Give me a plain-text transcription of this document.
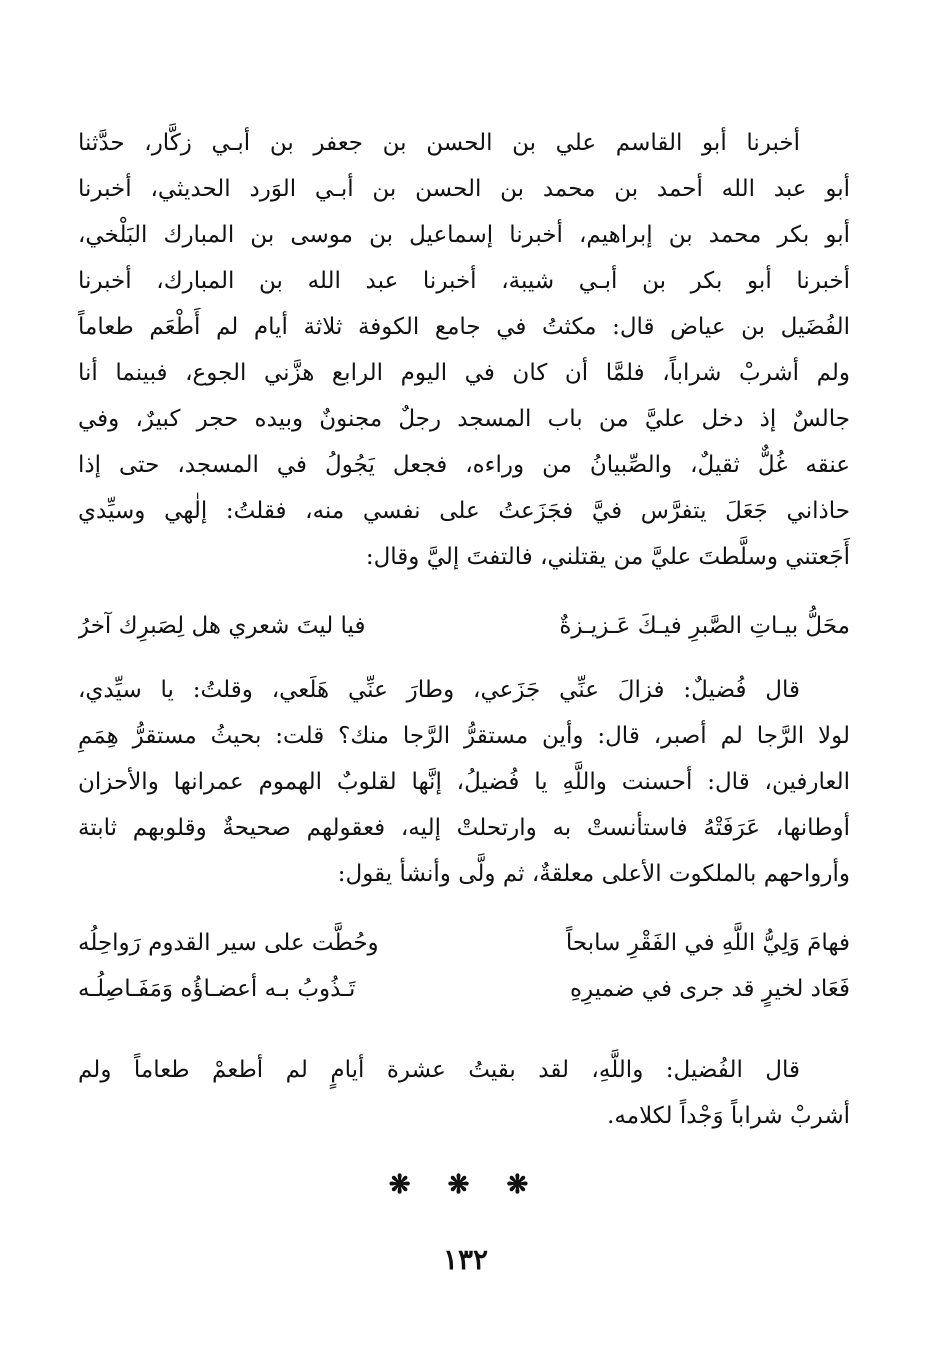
أخبرنا أبو القاسم علي بن الحسن بن جعفر بن أبـي زكَّار، حدَّثنا
أبو عبد الله أحمد بن محمد بن الحسن بن أبـي الوَرد الحديثي، أخبرنا
أبو بكر محمد بن إبراهيم، أخبرنا إسماعيل بن موسى بن المبارك البَلْخي،
أخبرنا أبو بكر بن أبـي شيبة، أخبرنا عبد الله بن المبارك، أخبرنا
الفُضَيل بن عياض قال: مكثتُ في جامع الكوفة ثلاثة أيام لم أَطْعَم طعاماً
ولم أشربْ شراباً، فلمَّا أن كان في اليوم الرابع هزَّني الجوع، فبينما أنا
جالسٌ إذ دخل عليَّ من باب المسجد رجلٌ مجنونٌ وبيده حجر كبيرٌ، وفي
عنقه غُلٌّ ثقيلٌ، والصِّبيانُ من وراءه، فجعل يَجُولُ في المسجد، حتى إذا
حاذاني جَعَلَ يتفرَّس فيَّ فجَزَعتُ على نفسي منه، فقلتُ: إلٰهي وسيِّدي
أَجَعتني وسلَّطتَ عليَّ من يقتلني، فالتفتَ إليَّ وقال:
محَلُّ بيـاتِ الصَّبرِ فيـكَ عَـزيـزةٌ
فيا ليتَ شعري هل لِصَبرِك آخرُ
قال فُضيلٌ: فزالَ عنِّي جَزَعي، وطارَ عنِّي هَلَعي، وقلتُ: يا سيِّدي،
لولا الرَّجا لم أصبر، قال: وأين مستقرُّ الرَّجا منك؟ قلت: بحيثُ مستقرُّ هِمَمِ
العارفين، قال: أحسنت واللَّهِ يا فُضيلُ، إنَّها لقلوبٌ الهموم عمرانها والأحزان
أوطانها، عَرَفَتْهُ فاستأنستْ به وارتحلتْ إليه، فعقولهم صحيحةٌ وقلوبهم ثابتة
وأرواحهم بالملكوت الأعلى معلقةٌ، ثم ولَّى وأنشأ يقول:
فهامَ وَلِيُّ اللَّهِ في الفَقْرِ سابحاً
وحُطَّت على سير القدوم رَواحِلُه
فَعَاد لخيرٍ قد جرى في ضميرِهِ
تَـذُوبُ بـه أعضـاؤُه وَمَفَـاصِلُـه
قال الفُضيل: واللَّهِ، لقد بقيتُ عشرة أيامٍ لم أطعمْ طعاماً ولم
أشربْ شراباً وَجْداً لكلامه.
❋ ❋ ❋
١٣٢
